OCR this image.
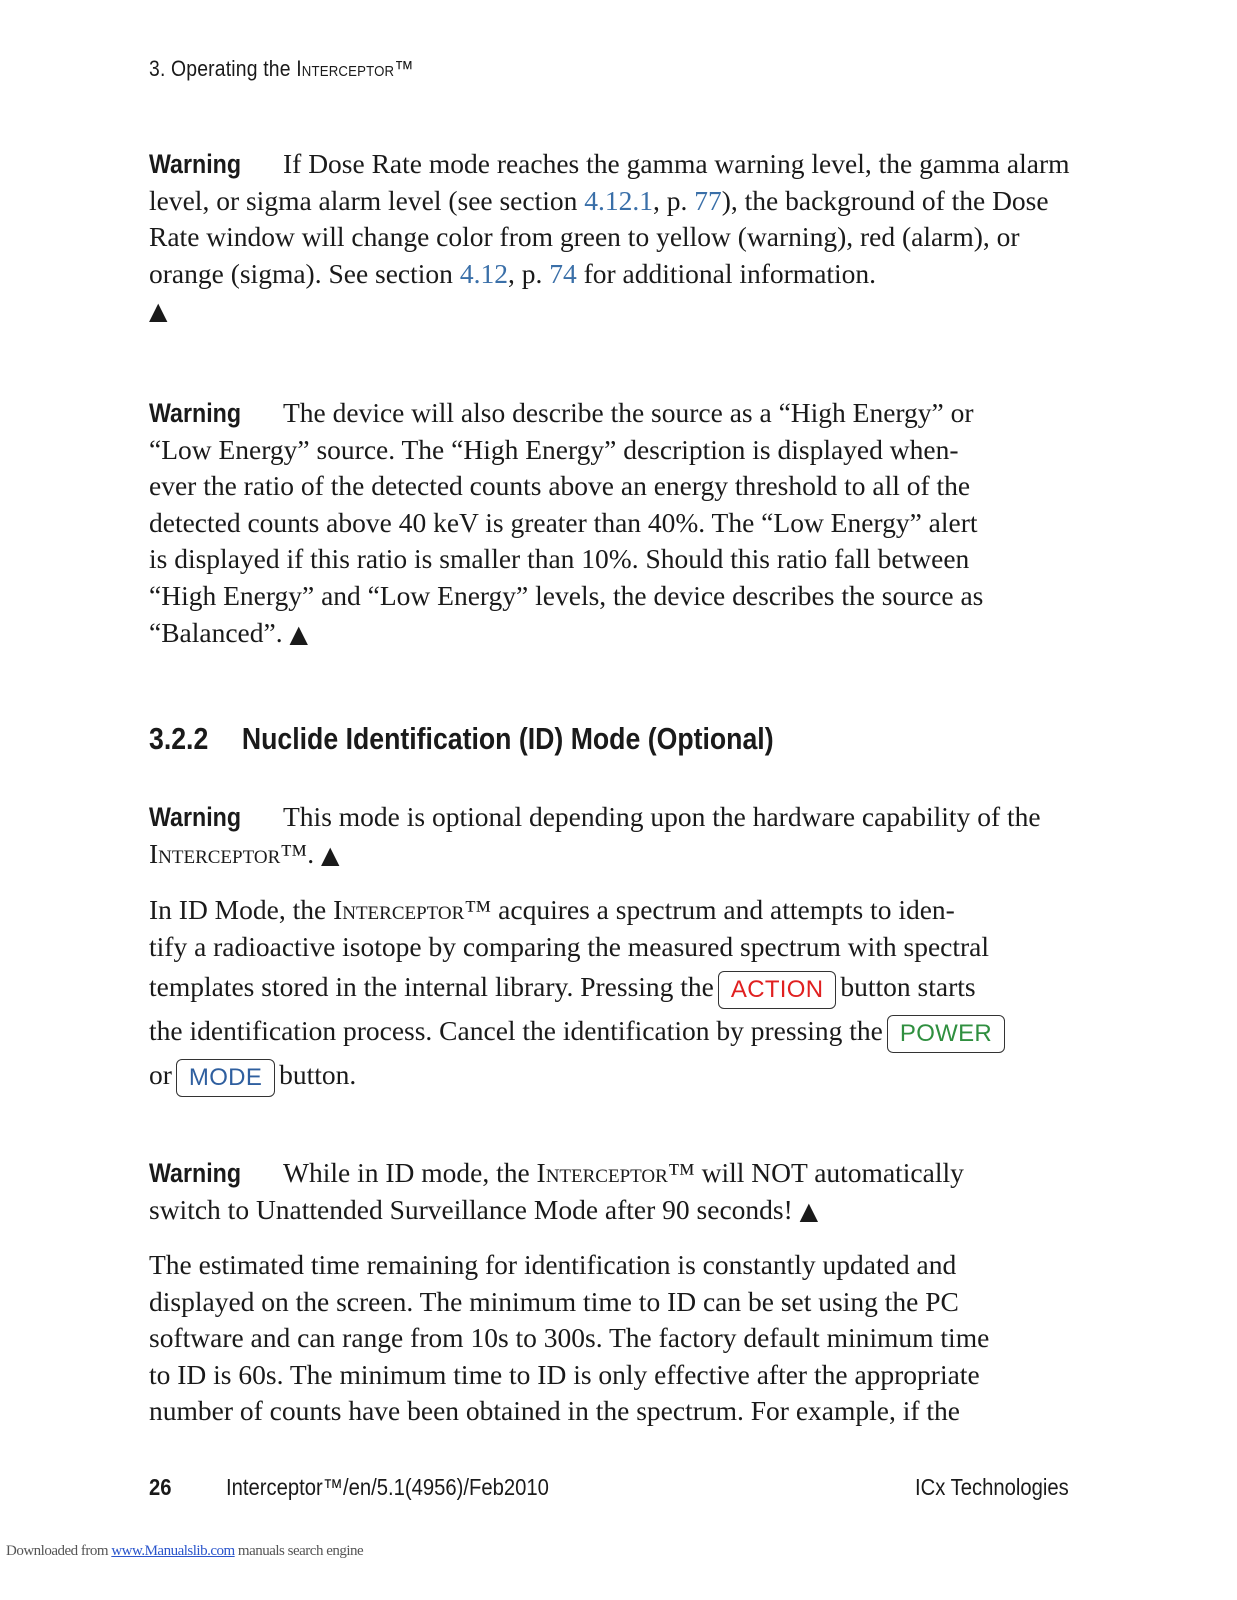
3. Operating the Interceptor™
Warning If Dose Rate mode reaches the gamma warning level, the gamma alarm level, or sigma alarm level (see section 4.12.1, p. 77), the background of the Dose Rate window will change color from green to yellow (warning), red (alarm), or orange (sigma). See section 4.12, p. 74 for additional information.
▲
Warning The device will also describe the source as a “High Energy” or
“Low Energy” source. The “High Energy” description is displayed when-
ever the ratio of the detected counts above an energy threshold to all of the
detected counts above 40 keV is greater than 40%. The “Low Energy” alert
is displayed if this ratio is smaller than 10%. Should this ratio fall between
“High Energy” and “Low Energy” levels, the device describes the source as
“Balanced”. ▲
3.2.2 Nuclide Identification (ID) Mode (Optional)
Warning This mode is optional depending upon the hardware capability of the Interceptor™. ▲
In ID Mode, the Interceptor™ acquires a spectrum and attempts to iden-
tify a radioactive isotope by comparing the measured spectrum with spectral

templates stored in the internal library. Pressing the ACTION button starts
the identification process. Cancel the identification by pressing the POWER
or MODE button.
Warning While in ID mode, the Interceptor™ will NOT automatically
switch to Unattended Surveillance Mode after 90 seconds! ▲
The estimated time remaining for identification is constantly updated and
displayed on the screen. The minimum time to ID can be set using the PC
software and can range from 10s to 300s. The factory default minimum time
to ID is 60s. The minimum time to ID is only effective after the appropriate
number of counts have been obtained in the spectrum. For example, if the
26 Interceptor™/en/5.1(4956)/Feb2010	ICx Technologies
Downloaded from www.Manualslib.com manuals search engine
